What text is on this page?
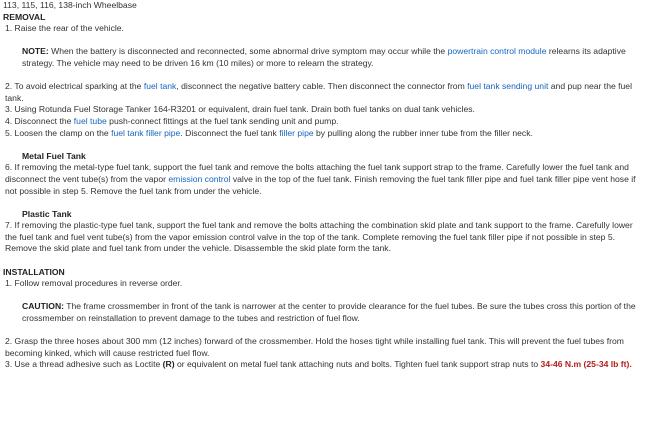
113, 115, 116, 138-inch Wheelbase
REMOVAL
1. Raise the rear of the vehicle.
NOTE: When the battery is disconnected and reconnected, some abnormal drive symptom may occur while the powertrain control module relearns its adaptive strategy. The vehicle may need to be driven 16 km (10 miles) or more to relearn the strategy.
2. To avoid electrical sparking at the fuel tank, disconnect the negative battery cable. Then disconnect the connector from fuel tank sending unit and pup near the fuel tank.
3. Using Rotunda Fuel Storage Tanker 164-R3201 or equivalent, drain fuel tank. Drain both fuel tanks on dual tank vehicles.
4. Disconnect the fuel tube push-connect fittings at the fuel tank sending unit and pump.
5. Loosen the clamp on the fuel tank filler pipe. Disconnect the fuel tank filler pipe by pulling along the rubber inner tube from the filler neck.
Metal Fuel Tank
6. If removing the metal-type fuel tank, support the fuel tank and remove the bolts attaching the fuel tank support strap to the frame. Carefully lower the fuel tank and disconnect the vent tube(s) from the vapor emission control valve in the top of the fuel tank. Finish removing the fuel tank filler pipe and fuel tank filler pipe vent hose if not possible in step 5. Remove the fuel tank from under the vehicle.
Plastic Tank
7. If removing the plastic-type fuel tank, support the fuel tank and remove the bolts attaching the combination skid plate and tank support to the frame. Carefully lower the fuel tank and fuel vent tube(s) from the vapor emission control valve in the top of the tank. Complete removing the fuel tank filler pipe if not possible in step 5. Remove the skid plate and fuel tank from under the vehicle. Disassemble the skid plate form the tank.
INSTALLATION
1. Follow removal procedures in reverse order.
CAUTION: The frame crossmember in front of the tank is narrower at the center to provide clearance for the fuel tubes. Be sure the tubes cross this portion of the crossmember on reinstallation to prevent damage to the tubes and restriction of fuel flow.
2. Grasp the three hoses about 300 mm (12 inches) forward of the crossmember. Hold the hoses tight while installing fuel tank. This will prevent the fuel tubes from becoming kinked, which will cause restricted fuel flow.
3. Use a thread adhesive such as Loctite (R) or equivalent on metal fuel tank attaching nuts and bolts. Tighten fuel tank support strap nuts to 34-46 N.m (25-34 lb ft).
